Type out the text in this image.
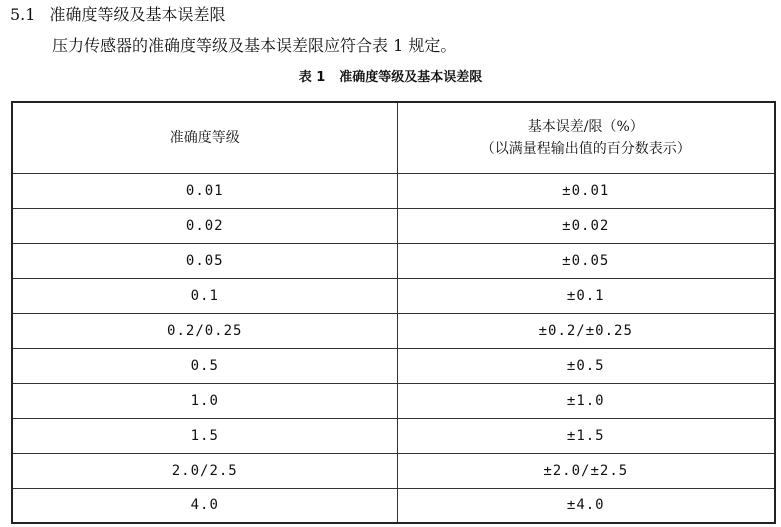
5.1 准确度等级及基本误差限
压力传感器的准确度等级及基本误差限应符合表 1 规定。
表 1 准确度等级及基本误差限
准确度等级	基本误差/限（%）
（以满量程输出值的百分数表示）

0.01	±0.01
0.02	±0.02
0.05	±0.05
0.1	±0.1
0.2/0.25	±0.2/±0.25
0.5	±0.5
1.0	±1.0
1.5	±1.5
2.0/2.5	±2.0/±2.5
4.0	±4.0
